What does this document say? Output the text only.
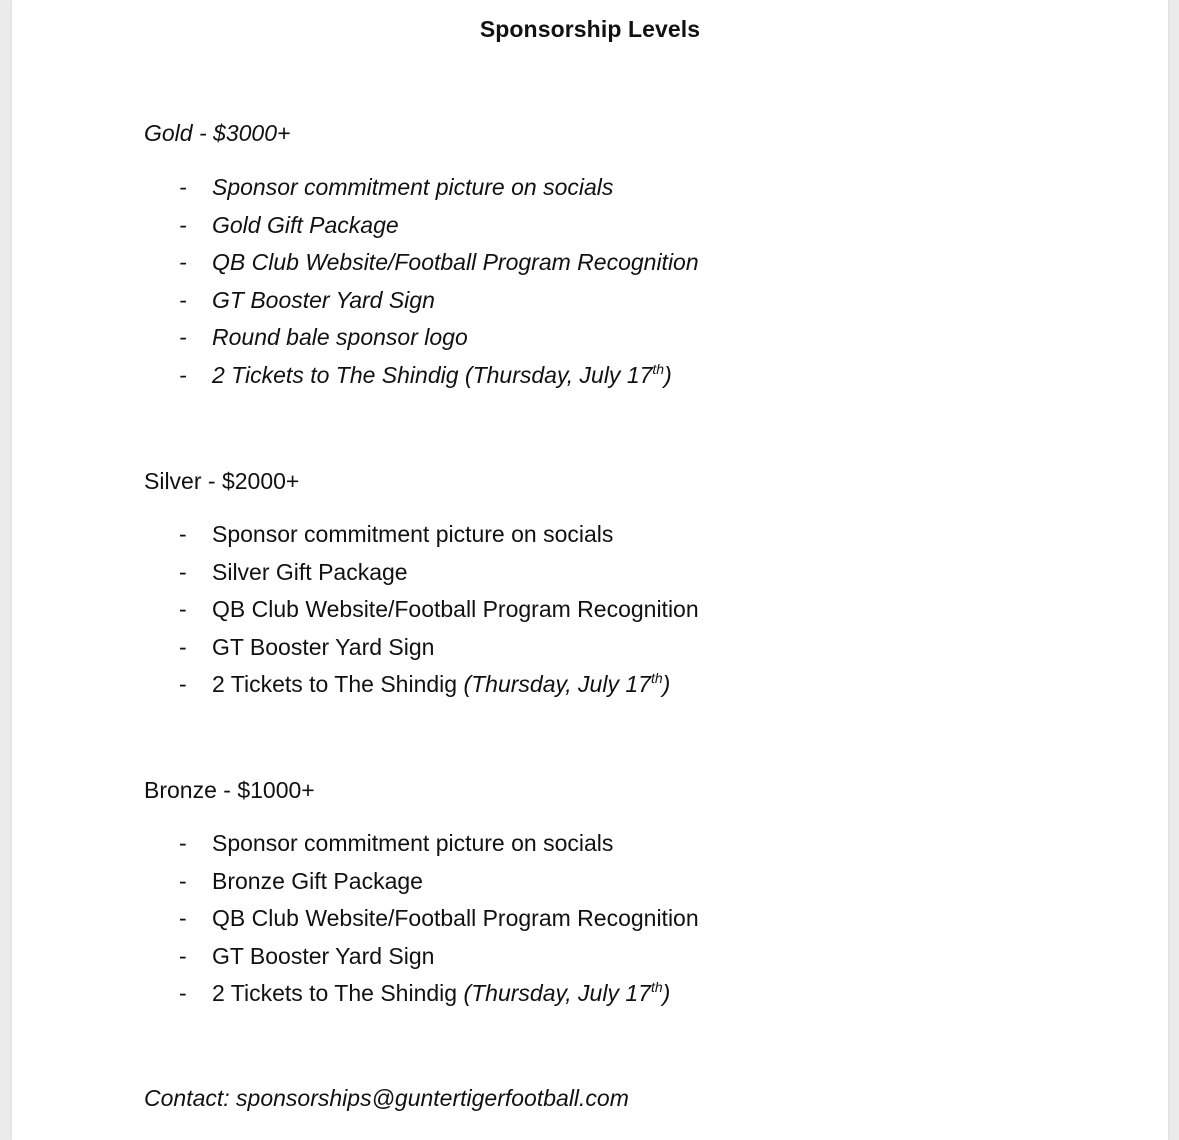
Sponsorship Levels
Gold - $3000+
- Sponsor commitment picture on socials
- Gold Gift Package
- QB Club Website/Football Program Recognition
- GT Booster Yard Sign
- Round bale sponsor logo
- 2 Tickets to The Shindig (Thursday, July 17th)
Silver - $2000+
- Sponsor commitment picture on socials
- Silver Gift Package
- QB Club Website/Football Program Recognition
- GT Booster Yard Sign
- 2 Tickets to The Shindig (Thursday, July 17th)
Bronze - $1000+
- Sponsor commitment picture on socials
- Bronze Gift Package
- QB Club Website/Football Program Recognition
- GT Booster Yard Sign
- 2 Tickets to The Shindig (Thursday, July 17th)
Contact: sponsorships@guntertigerfootball.com
